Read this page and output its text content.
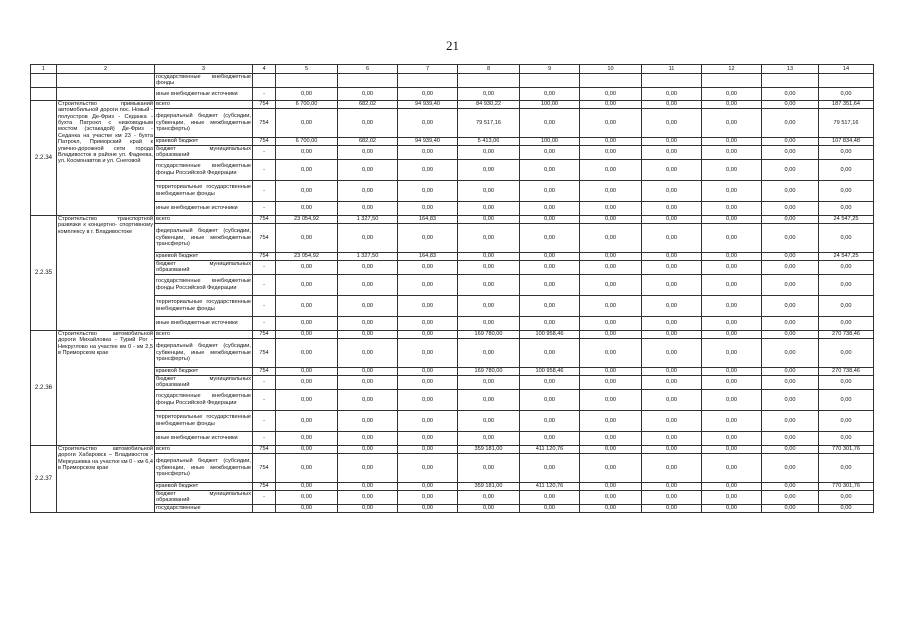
21
1	2	3	4	5	6	7	8	9	10	11	12	13	14
		государственные внебюджетные фонды											
		иные внебюджетные источники	-	0,00	0,00	0,00	0,00	0,00	0,00	0,00	0,00	0,00	0,00
2.2.34	Строительство примыканий автомобильной дороги пос. Новый - полуостров Де-Фриз - Седанка - бухта Патрокл с низководным мостом (эстакадой) Де-Фриз - Седанка на участке км 23 - бухта Патрокл, Приморский край к улично-дорожной сети города Владивосток в районе ул. Фадеева, ул. Космонавтов и ул. Снеговой	всего	754	6 700,00	682,02	94 939,40	84 930,22	100,00	0,00	0,00	0,00	0,00	187 351,64
		федеральный бюджет (субсидии, субвенции, иные межбюджетные трансферты)	754	0,00	0,00	0,00	79 517,16	0,00	0,00	0,00	0,00	0,00	79 517,16
		краевой бюджет	754	6 700,00	682,02	94 939,40	5 413,06	100,00	0,00	0,00	0,00	0,00	107 834,48
		бюджет муниципальных образований	-	0,00	0,00	0,00	0,00	0,00	0,00	0,00	0,00	0,00	0,00
		государственные внебюджетные фонды Российской Федерации	-	0,00	0,00	0,00	0,00	0,00	0,00	0,00	0,00	0,00	0,00
		территориальные государственные внебюджетные фонды	-	0,00	0,00	0,00	0,00	0,00	0,00	0,00	0,00	0,00	0,00
		иные внебюджетные источники	-	0,00	0,00	0,00	0,00	0,00	0,00	0,00	0,00	0,00	0,00
2.2.35	Строительство транспортной развязки к концертно- спортивному комплексу в г. Владивостоке	всего	754	23 054,92	1 327,50	164,83	0,00	0,00	0,00	0,00	0,00	0,00	24 547,25
		федеральный бюджет (субсидии, субвенции, иные межбюджетные трансферты)	754	0,00	0,00	0,00	0,00	0,00	0,00	0,00	0,00	0,00	0,00
		краевой бюджет	754	23 054,92	1 327,50	164,83	0,00	0,00	0,00	0,00	0,00	0,00	24 547,25
		бюджет муниципальных образований	-	0,00	0,00	0,00	0,00	0,00	0,00	0,00	0,00	0,00	0,00
		государственные внебюджетные фонды Российской Федерации	-	0,00	0,00	0,00	0,00	0,00	0,00	0,00	0,00	0,00	0,00
		территориальные государственные внебюджетные фонды	-	0,00	0,00	0,00	0,00	0,00	0,00	0,00	0,00	0,00	0,00
		иные внебюджетные источники	-	0,00	0,00	0,00	0,00	0,00	0,00	0,00	0,00	0,00	0,00
2.2.36	Строительство автомобильной дороги Михайловка - Турий Рог - Некруглово на участке км 0 - км 2,5 в Приморском крае	всего	754	0,00	0,00	0,00	169 780,00	100 958,46	0,00	0,00	0,00	0,00	270 738,46
		федеральный бюджет (субсидии, субвенции, иные межбюджетные трансферты)	754	0,00	0,00	0,00	0,00	0,00	0,00	0,00	0,00	0,00	0,00
		краевой бюджет	754	0,00	0,00	0,00	169 780,00	100 958,46	0,00	0,00	0,00	0,00	270 738,46
		бюджет муниципальных образований	-	0,00	0,00	0,00	0,00	0,00	0,00	0,00	0,00	0,00	0,00
		государственные внебюджетные фонды Российской Федерации	-	0,00	0,00	0,00	0,00	0,00	0,00	0,00	0,00	0,00	0,00
		территориальные государственные внебюджетные фонды	-	0,00	0,00	0,00	0,00	0,00	0,00	0,00	0,00	0,00	0,00
		иные внебюджетные источники	-	0,00	0,00	0,00	0,00	0,00	0,00	0,00	0,00	0,00	0,00
2.2.37	Строительство автомобильной дороги Хабаровск – Владивосток - Меркушевка на участке км 0 - км 6,4 в Приморском крае	всего	754	0,00	0,00	0,00	359 181,00	411 120,76	0,00	0,00	0,00	0,00	770 301,76
		федеральный бюджет (субсидии, субвенции, иные межбюджетные трансферты)	754	0,00	0,00	0,00	0,00	0,00	0,00	0,00	0,00	0,00	0,00
		краевой бюджет	754	0,00	0,00	0,00	359 181,00	411 120,76	0,00	0,00	0,00	0,00	770 301,76
		бюджет муниципальных образований	-	0,00	0,00	0,00	0,00	0,00	0,00	0,00	0,00	0,00	0,00
		государственные		0,00	0,00	0,00	0,00	0,00	0,00	0,00	0,00	0,00	0,00
